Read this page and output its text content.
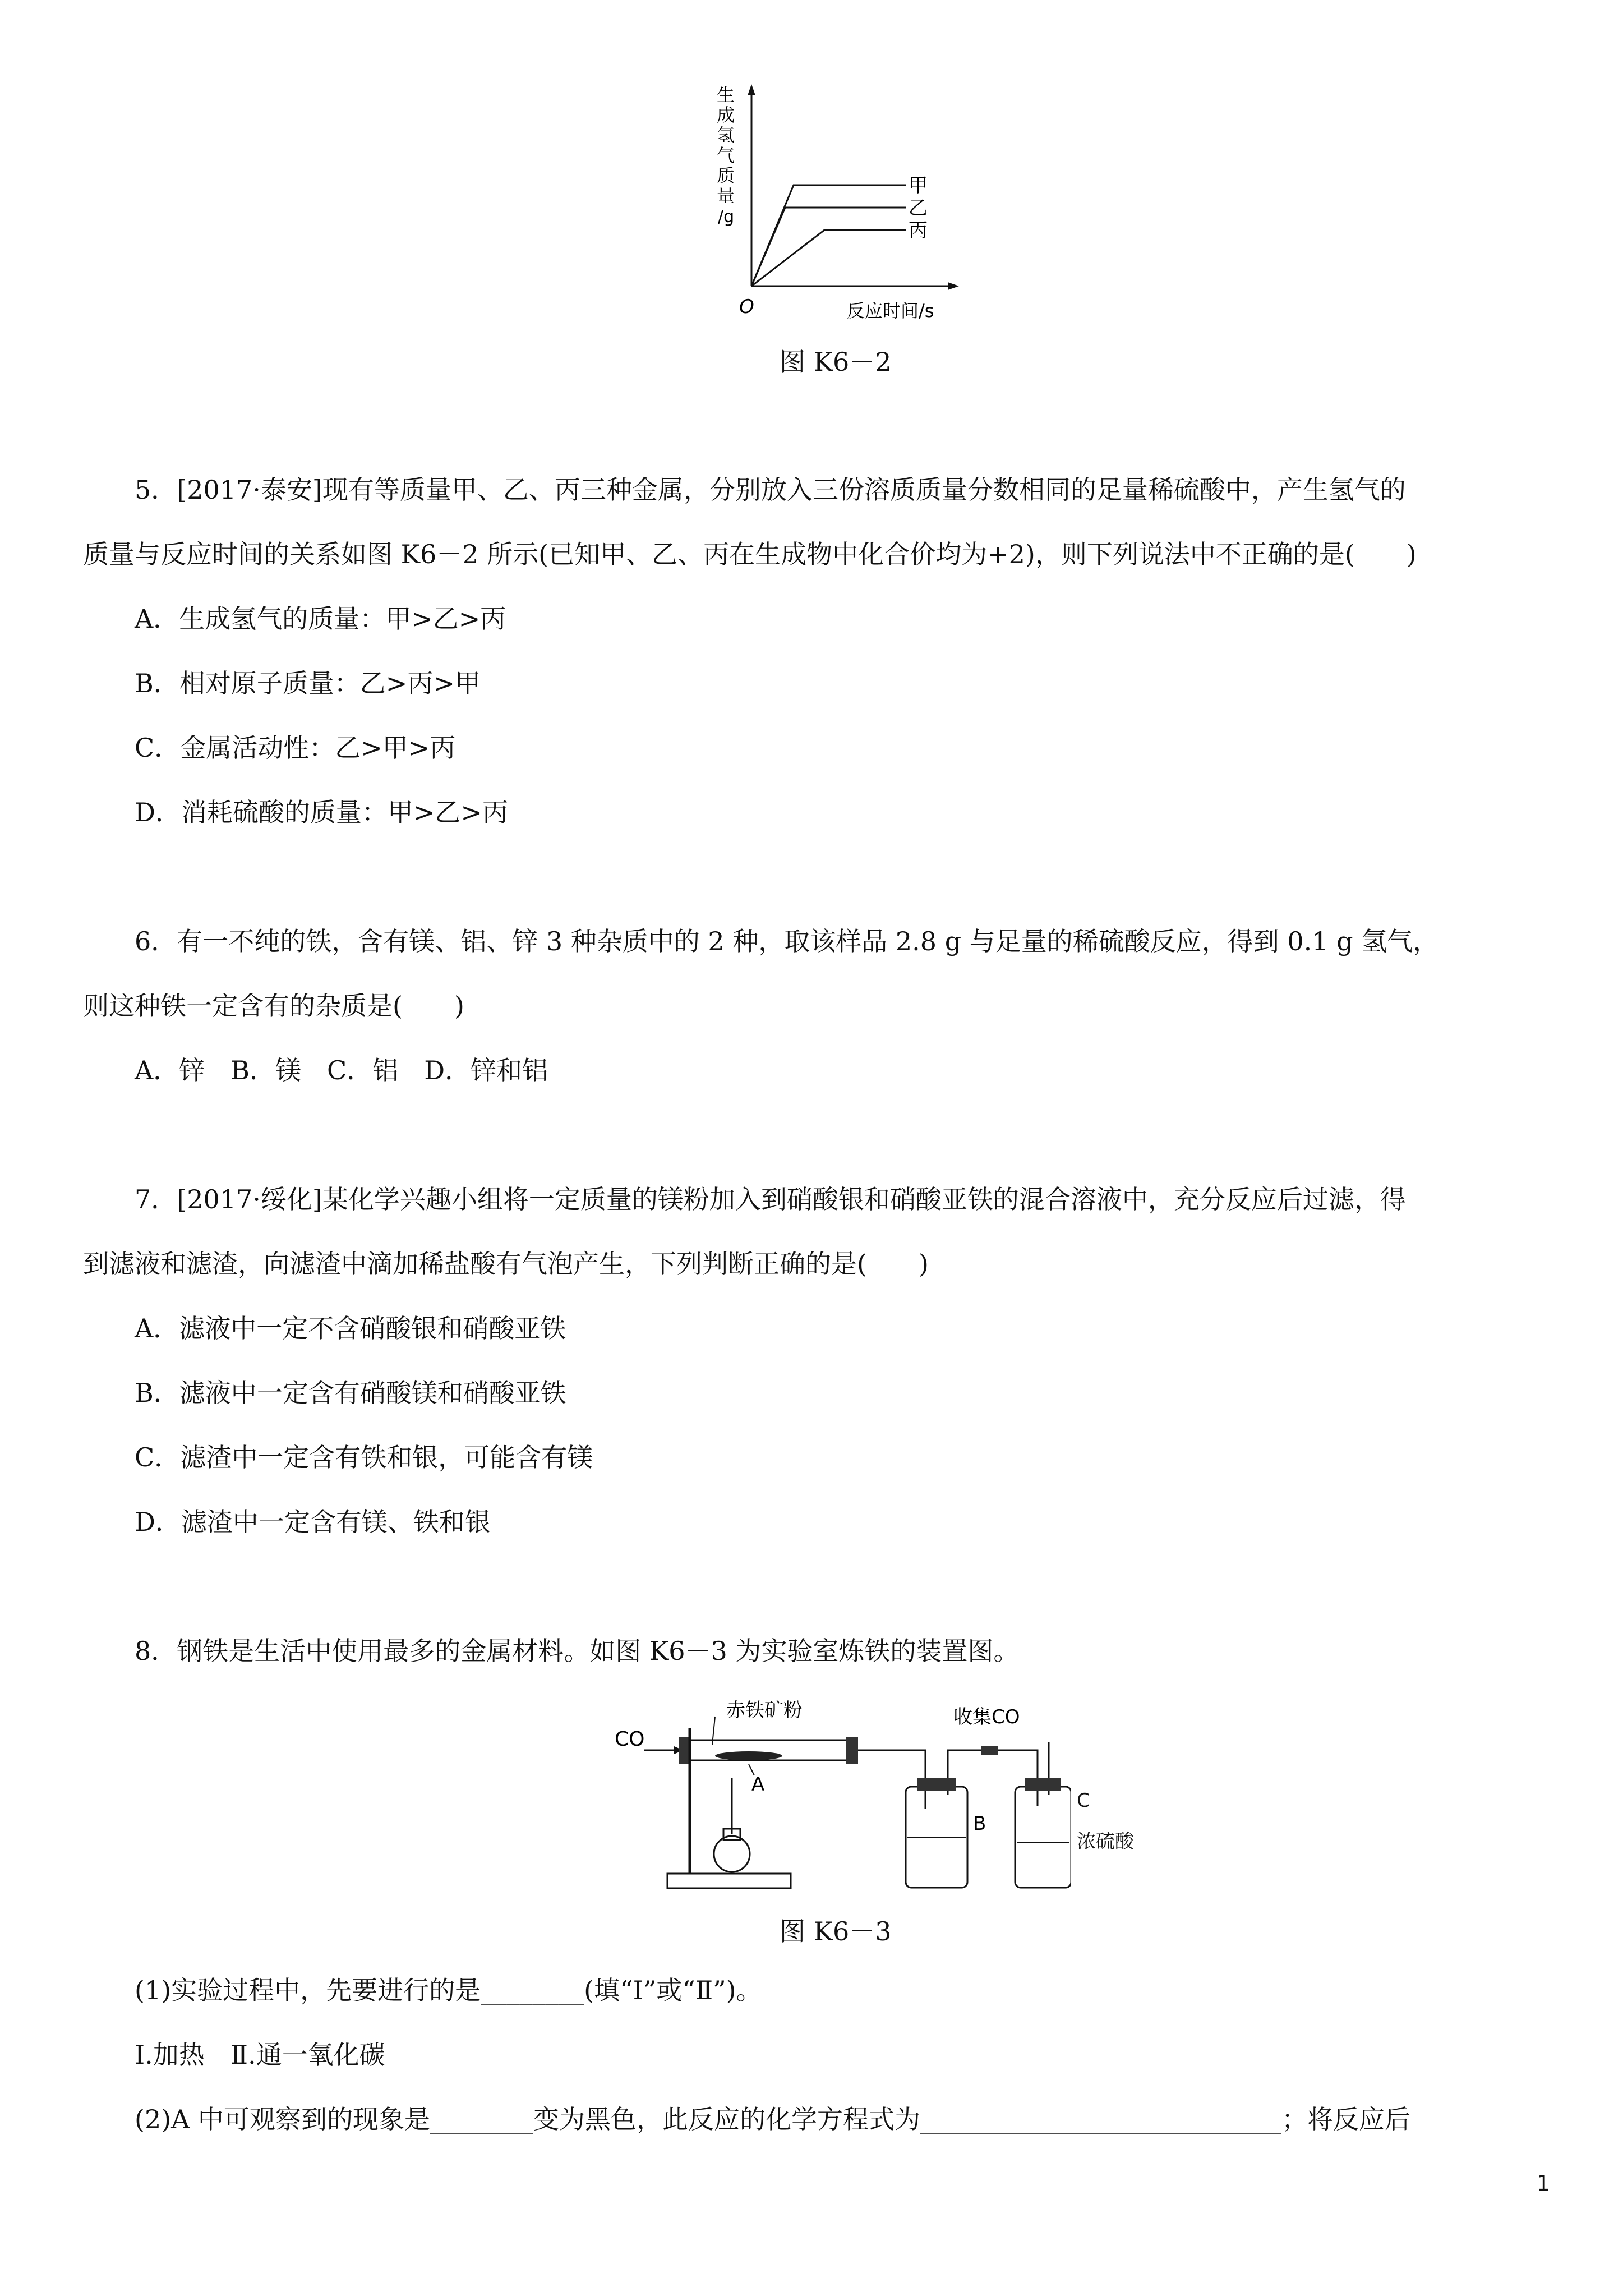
生
成
氢
气
质
量
/g
甲
乙
丙
O	反应时间/s
图 K6－2
5．[2017·泰安]现有等质量甲、乙、丙三种金属，分别放入三份溶质质量分数相同的足量稀硫酸中，产生氢气的
质量与反应时间的关系如图 K6－2 所示(已知甲、乙、丙在生成物中化合价均为+2)，则下列说法中不正确的是(　　)
A．生成氢气的质量：甲>乙>丙
B．相对原子质量：乙>丙>甲
C．金属活动性：乙>甲>丙
D．消耗硫酸的质量：甲>乙>丙
6．有一不纯的铁，含有镁、铝、锌 3 种杂质中的 2 种，取该样品 2.8 g 与足量的稀硫酸反应，得到 0.1 g 氢气，
则这种铁一定含有的杂质是(　　)
A．锌　B．镁　C．铝　D．锌和铝
7．[2017·绥化]某化学兴趣小组将一定质量的镁粉加入到硝酸银和硝酸亚铁的混合溶液中，充分反应后过滤，得
到滤液和滤渣，向滤渣中滴加稀盐酸有气泡产生，下列判断正确的是(　　)
A．滤液中一定不含硝酸银和硝酸亚铁
B．滤液中一定含有硝酸镁和硝酸亚铁
C．滤渣中一定含有铁和银，可能含有镁
D．滤渣中一定含有镁、铁和银
8．钢铁是生活中使用最多的金属材料。如图 K6－3 为实验室炼铁的装置图。
CO
赤铁矿粉
A
B
收集CO
C
浓硫酸
图 K6－3
(1)实验过程中，先要进行的是________(填“Ⅰ”或“Ⅱ”)。
Ⅰ.加热　Ⅱ.通一氧化碳
(2)A 中可观察到的现象是________变为黑色，此反应的化学方程式为____________________________；将反应后
1
